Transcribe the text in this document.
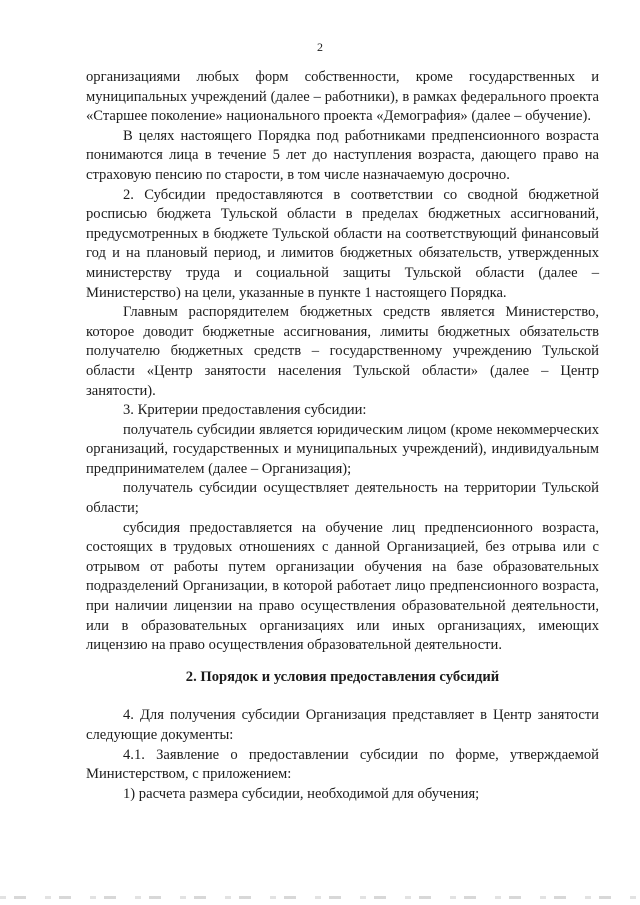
2

организациями любых форм собственности, кроме государственных и муниципальных учреждений (далее – работники), в рамках федерального проекта «Старшее поколение» национального проекта «Демография» (далее – обучение).

В целях настоящего Порядка под работниками предпенсионного возраста понимаются лица в течение 5 лет до наступления возраста, дающего право на страховую пенсию по старости, в том числе назначаемую досрочно.

2. Субсидии предоставляются в соответствии со сводной бюджетной росписью бюджета Тульской области в пределах бюджетных ассигнований, предусмотренных в бюджете Тульской области на соответствующий финансовый год и на плановый период, и лимитов бюджетных обязательств, утвержденных министерству труда и социальной защиты Тульской области (далее – Министерство) на цели, указанные в пункте 1 настоящего Порядка.

Главным распорядителем бюджетных средств является Министерство, которое доводит бюджетные ассигнования, лимиты бюджетных обязательств получателю бюджетных средств – государственному учреждению Тульской области «Центр занятости населения Тульской области» (далее – Центр занятости).

3. Критерии предоставления субсидии:

получатель субсидии является юридическим лицом (кроме некоммерческих организаций, государственных и муниципальных учреждений), индивидуальным предпринимателем (далее – Организация);

получатель субсидии осуществляет деятельность на территории Тульской области;

субсидия предоставляется на обучение лиц предпенсионного возраста, состоящих в трудовых отношениях с данной Организацией, без отрыва или с отрывом от работы путем организации обучения на базе образовательных подразделений Организации, в которой работает лицо предпенсионного возраста, при наличии лицензии на право осуществления образовательной деятельности, или в образовательных организациях или иных организациях, имеющих лицензию на право осуществления образовательной деятельности.

2. Порядок и условия предоставления субсидий

4. Для получения субсидии Организация представляет в Центр занятости следующие документы:

4.1. Заявление о предоставлении субсидии по форме, утверждаемой Министерством, с приложением:

1) расчета размера субсидии, необходимой для обучения;
